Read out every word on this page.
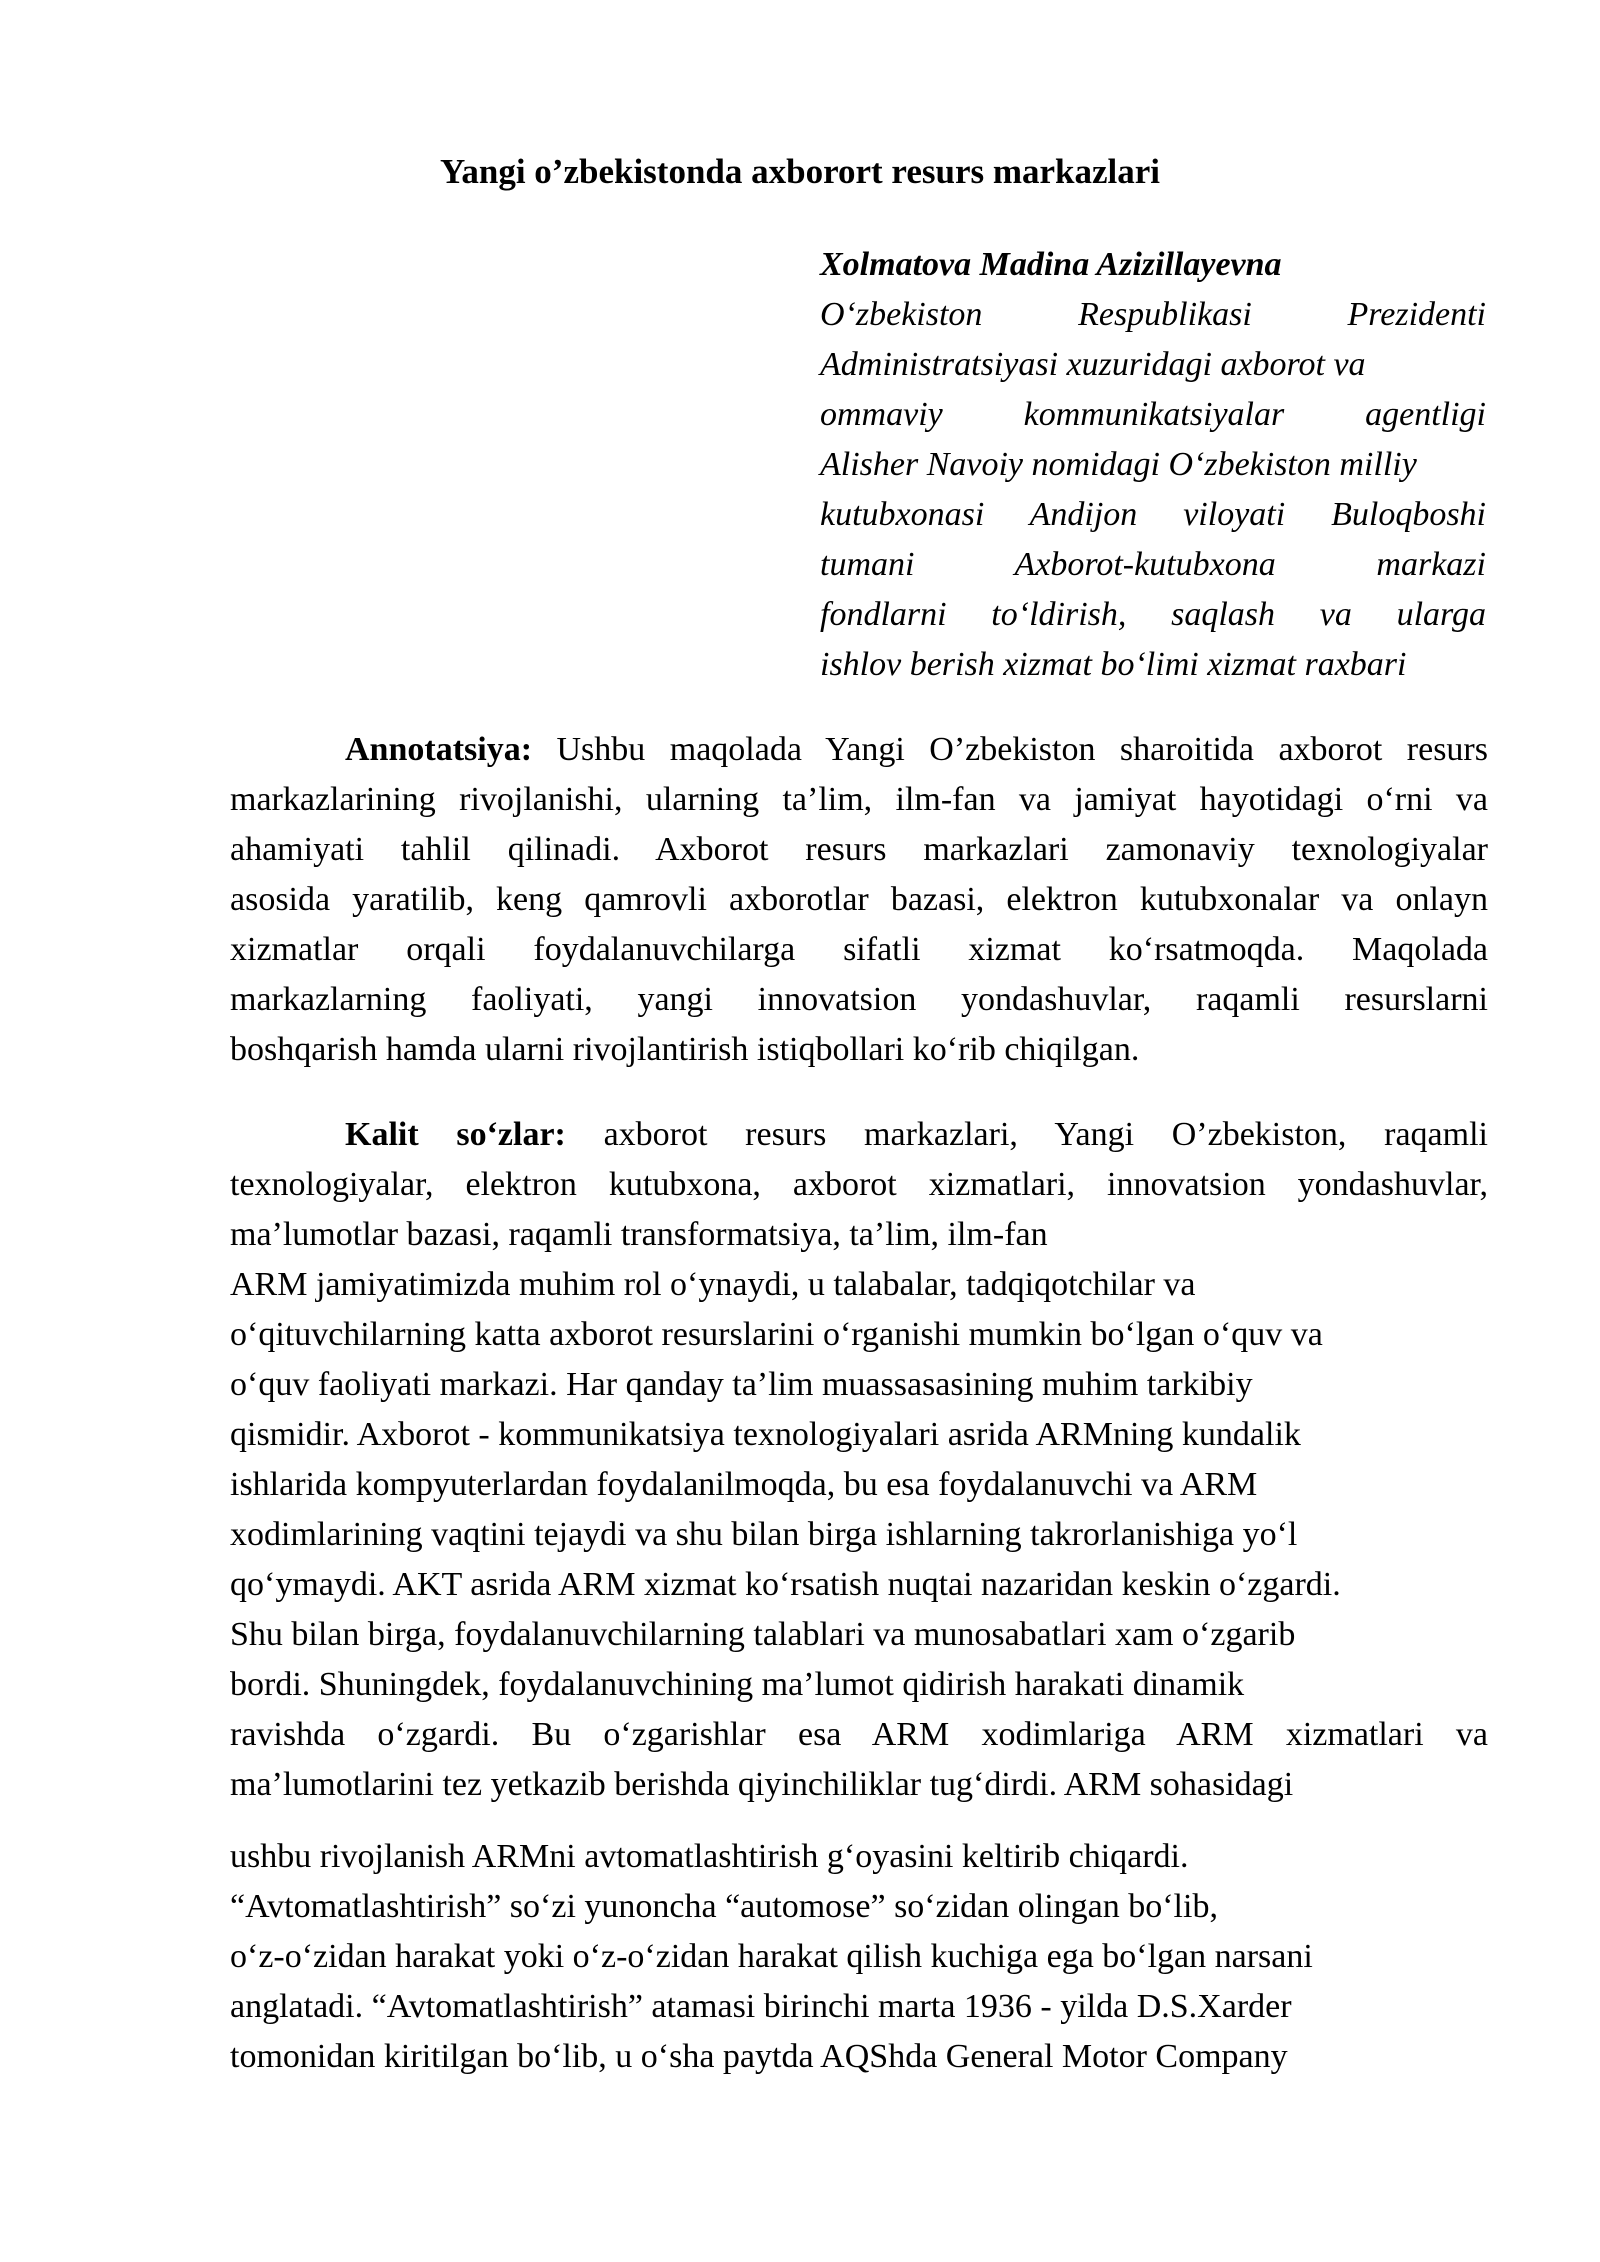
Yangi o’zbekistonda axborort resurs markazlari
Xolmatova Madina Azizillayevna
O‘zbekiston Respublikasi Prezidenti
Administratsiyasi xuzuridagi axborot va
ommaviy kommunikatsiyalar agentligi
Alisher Navoiy nomidagi O‘zbekiston milliy
kutubxonasi Andijon viloyati Buloqboshi
tumani Axborot-kutubxona markazi
fondlarni to‘ldirish, saqlash va ularga
ishlov berish xizmat bo‘limi xizmat raxbari
Annotatsiya: Ushbu maqolada Yangi O’zbekiston sharoitida axborot resurs
markazlarining rivojlanishi, ularning ta’lim, ilm-fan va jamiyat hayotidagi o‘rni va
ahamiyati tahlil qilinadi. Axborot resurs markazlari zamonaviy texnologiyalar
asosida yaratilib, keng qamrovli axborotlar bazasi, elektron kutubxonalar va onlayn
xizmatlar orqali foydalanuvchilarga sifatli xizmat ko‘rsatmoqda. Maqolada
markazlarning faoliyati, yangi innovatsion yondashuvlar, raqamli resurslarni
boshqarish hamda ularni rivojlantirish istiqbollari ko‘rib chiqilgan.
Kalit so‘zlar: axborot resurs markazlari, Yangi O’zbekiston, raqamli
texnologiyalar, elektron kutubxona, axborot xizmatlari, innovatsion yondashuvlar,
ma’lumotlar bazasi, raqamli transformatsiya, ta’lim, ilm-fan
ARM jamiyatimizda muhim rol o‘ynaydi, u talabalar, tadqiqotchilar va
o‘qituvchilarning katta axborot resurslarini o‘rganishi mumkin bo‘lgan o‘quv va
o‘quv faoliyati markazi. Har qanday ta’lim muassasasining muhim tarkibiy
qismidir. Axborot - kommunikatsiya texnologiyalari asrida ARMning kundalik
ishlarida kompyuterlardan foydalanilmoqda, bu esa foydalanuvchi va ARM
xodimlarining vaqtini tejaydi va shu bilan birga ishlarning takrorlanishiga yo‘l
qo‘ymaydi. AKT asrida ARM xizmat ko‘rsatish nuqtai nazaridan keskin o‘zgardi.
Shu bilan birga, foydalanuvchilarning talablari va munosabatlari xam o‘zgarib
bordi. Shuningdek, foydalanuvchining ma’lumot qidirish harakati dinamik
ravishda o‘zgardi. Bu o‘zgarishlar esa ARM xodimlariga ARM xizmatlari va
ma’lumotlarini tez yetkazib berishda qiyinchiliklar tug‘dirdi. ARM sohasidagi
ushbu rivojlanish ARMni avtomatlashtirish g‘oyasini keltirib chiqardi.
“Avtomatlashtirish” so‘zi yunoncha “automose” so‘zidan olingan bo‘lib,
o‘z-o‘zidan harakat yoki o‘z-o‘zidan harakat qilish kuchiga ega bo‘lgan narsani
anglatadi. “Avtomatlashtirish” atamasi birinchi marta 1936 - yilda D.S.Xarder
tomonidan kiritilgan bo‘lib, u o‘sha paytda AQShda General Motor Company
